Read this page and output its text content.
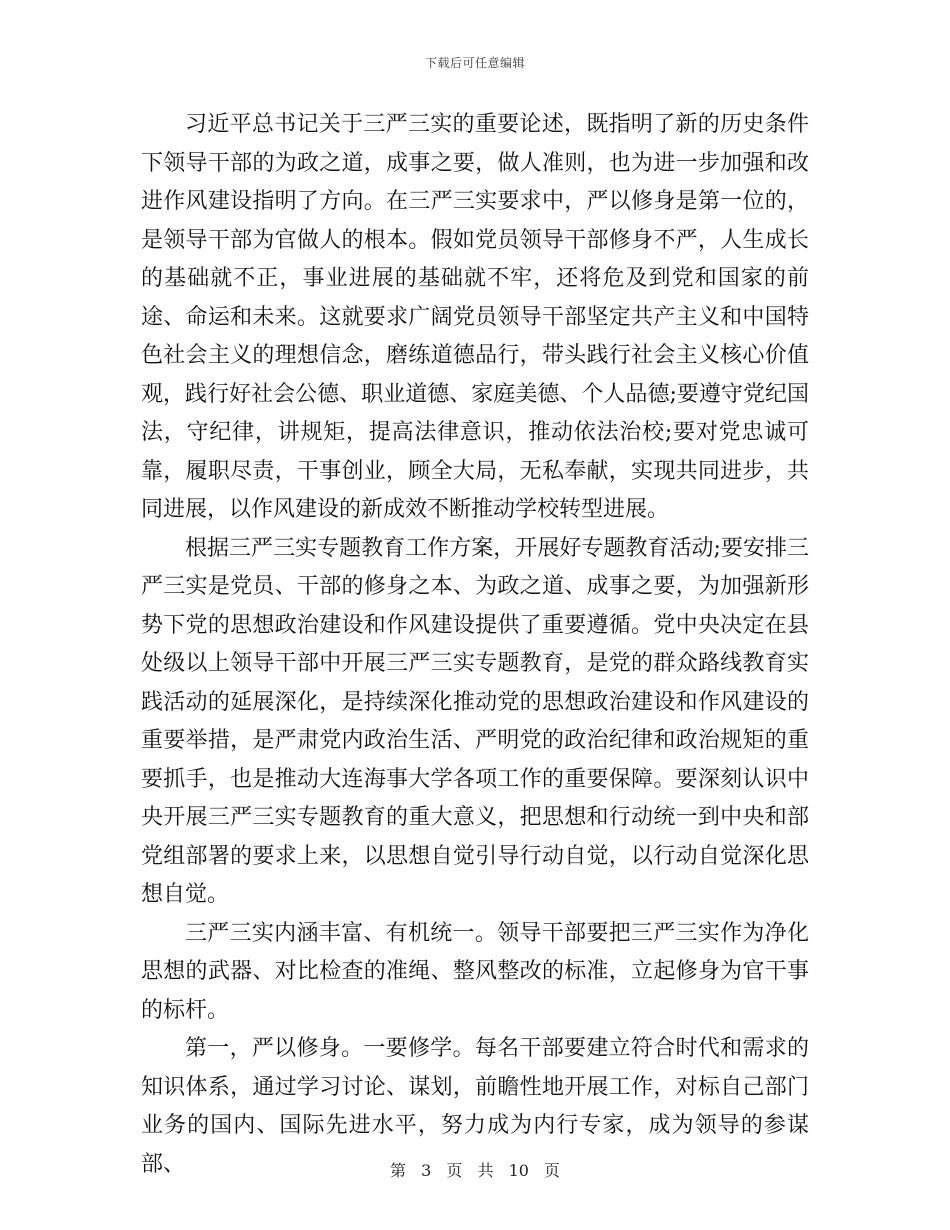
下载后可任意编辑

习近平总书记关于三严三实的重要论述，既指明了新的历史条件下领导干部的为政之道，成事之要，做人准则，也为进一步加强和改进作风建设指明了方向。在三严三实要求中，严以修身是第一位的，是领导干部为官做人的根本。假如党员领导干部修身不严，人生成长的基础就不正，事业进展的基础就不牢，还将危及到党和国家的前途、命运和未来。这就要求广阔党员领导干部坚定共产主义和中国特色社会主义的理想信念，磨练道德品行，带头践行社会主义核心价值观，践行好社会公德、职业道德、家庭美德、个人品德;要遵守党纪国法，守纪律，讲规矩，提高法律意识，推动依法治校;要对党忠诚可靠，履职尽责，干事创业，顾全大局，无私奉献，实现共同进步，共同进展，以作风建设的新成效不断推动学校转型进展。

根据三严三实专题教育工作方案，开展好专题教育活动;要安排三严三实是党员、干部的修身之本、为政之道、成事之要，为加强新形势下党的思想政治建设和作风建设提供了重要遵循。党中央决定在县处级以上领导干部中开展三严三实专题教育，是党的群众路线教育实践活动的延展深化，是持续深化推动党的思想政治建设和作风建设的重要举措，是严肃党内政治生活、严明党的政治纪律和政治规矩的重要抓手，也是推动大连海事大学各项工作的重要保障。要深刻认识中央开展三严三实专题教育的重大意义，把思想和行动统一到中央和部党组部署的要求上来，以思想自觉引导行动自觉，以行动自觉深化思想自觉。

三严三实内涵丰富、有机统一。领导干部要把三严三实作为净化思想的武器、对比检查的准绳、整风整改的标准，立起修身为官干事的标杆。

第一，严以修身。一要修学。每名干部要建立符合时代和需求的知识体系，通过学习讨论、谋划，前瞻性地开展工作，对标自己部门业务的国内、国际先进水平，努力成为内行专家，成为领导的参谋部、	第 3 页 共 10 页
